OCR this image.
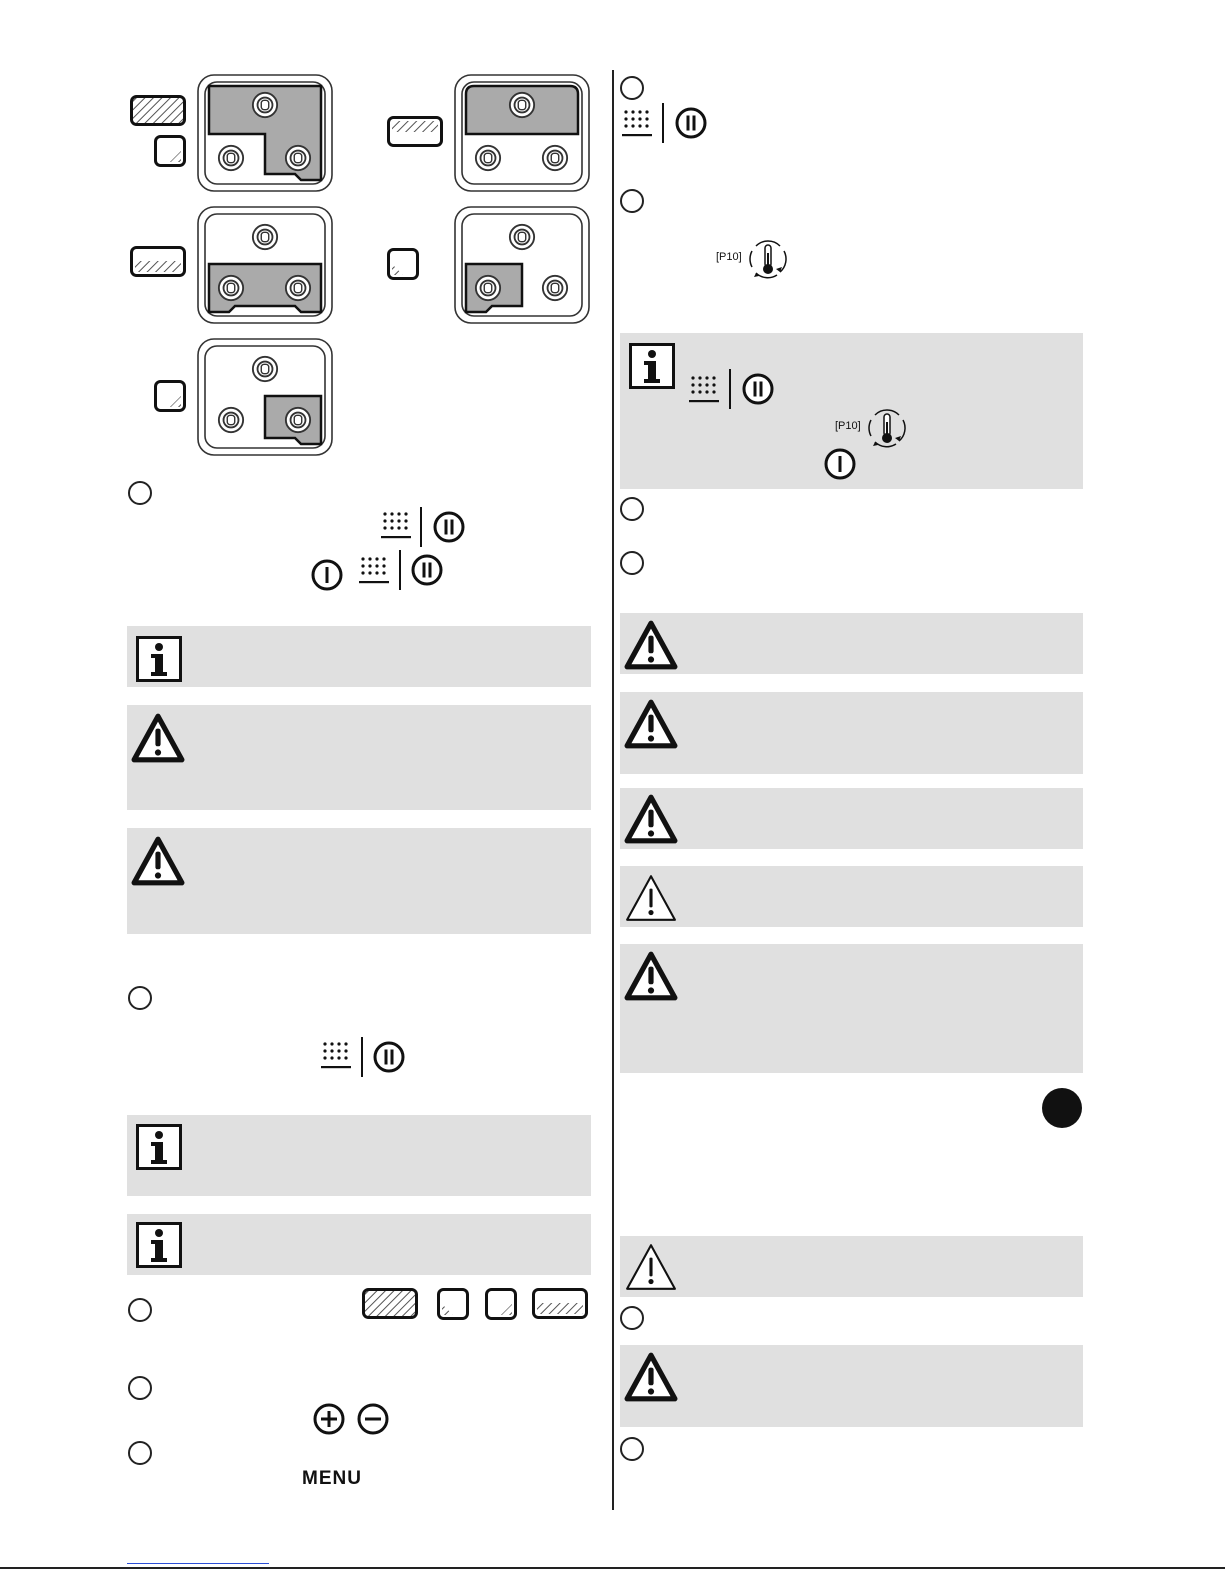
MENU
[P10]
[P10]
